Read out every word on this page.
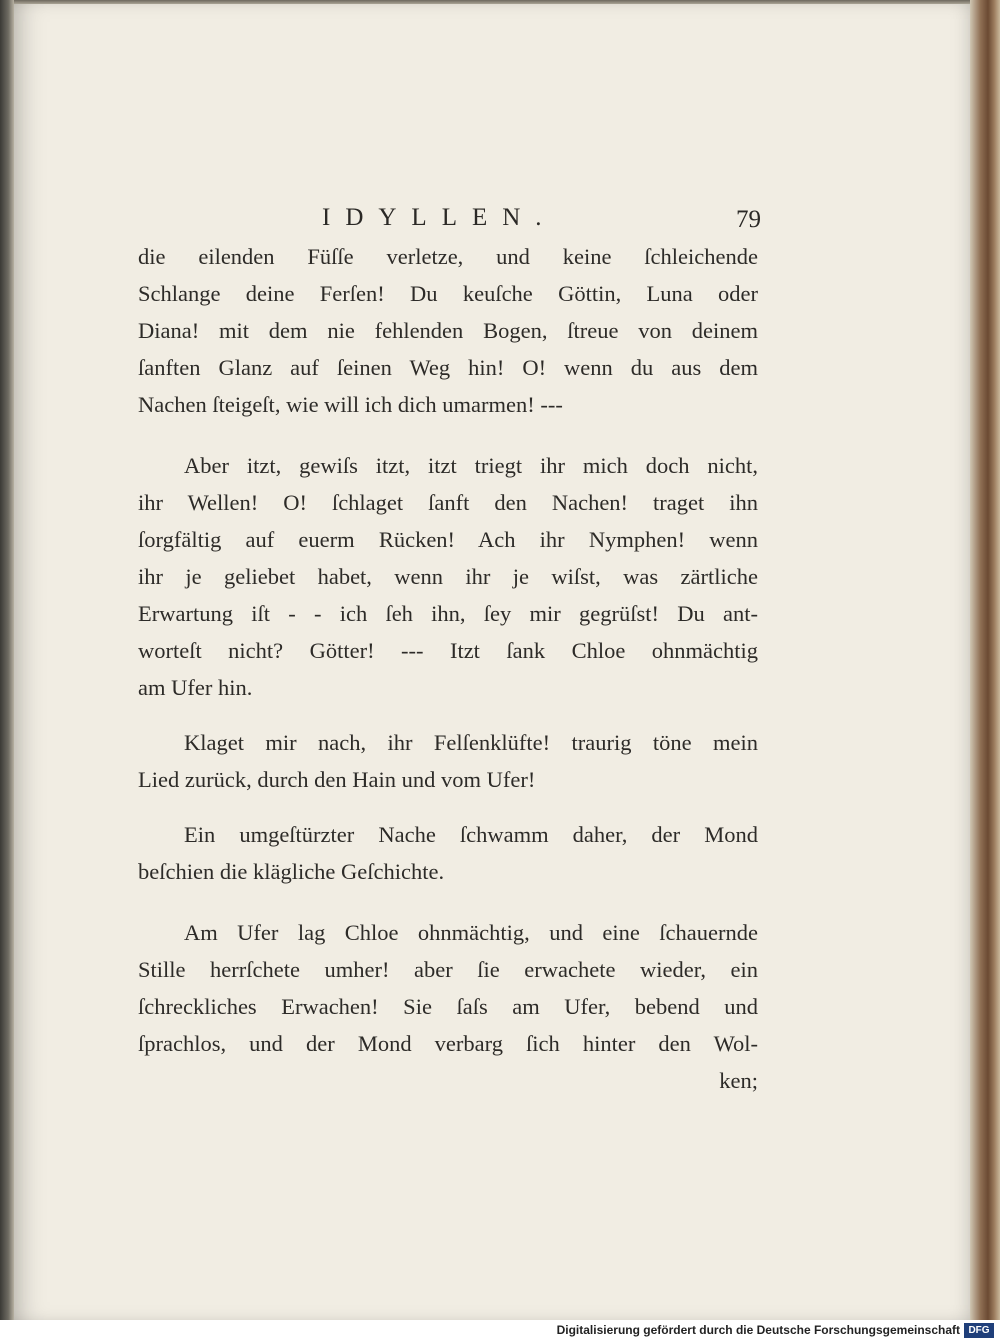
IDYLLEN.	79
die eilenden Füſſe verletze, und keine ſchleichende
Schlange deine Ferſen! Du keuſche Göttin, Luna oder
Diana! mit dem nie fehlenden Bogen, ſtreue von deinem
ſanften Glanz auf ſeinen Weg hin! O! wenn du aus dem
Nachen ſteigeſt, wie will ich dich umarmen! ---
Aber itzt, gewiſs itzt, itzt triegt ihr mich doch nicht,
ihr Wellen! O! ſchlaget ſanft den Nachen! traget ihn
ſorgfältig auf euerm Rücken! Ach ihr Nymphen! wenn
ihr je geliebet habet, wenn ihr je wiſst, was zärtliche
Erwartung iſt - - ich ſeh ihn, ſey mir gegrüſst! Du ant-
worteſt nicht? Götter! --- Itzt ſank Chloe ohnmächtig
am Ufer hin.
Klaget mir nach, ihr Felſenklüfte! traurig töne mein
Lied zurück, durch den Hain und vom Ufer!
Ein umgeſtürzter Nache ſchwamm daher, der Mond
beſchien die klägliche Geſchichte.
Am Ufer lag Chloe ohnmächtig, und eine ſchauernde
Stille herrſchete umher! aber ſie erwachete wieder, ein
ſchreckliches Erwachen! Sie ſaſs am Ufer, bebend und
ſprachlos, und der Mond verbarg ſich hinter den Wol-
ken;
Digitalisierung gefördert durch die Deutsche Forschungsgemeinschaft DFG
